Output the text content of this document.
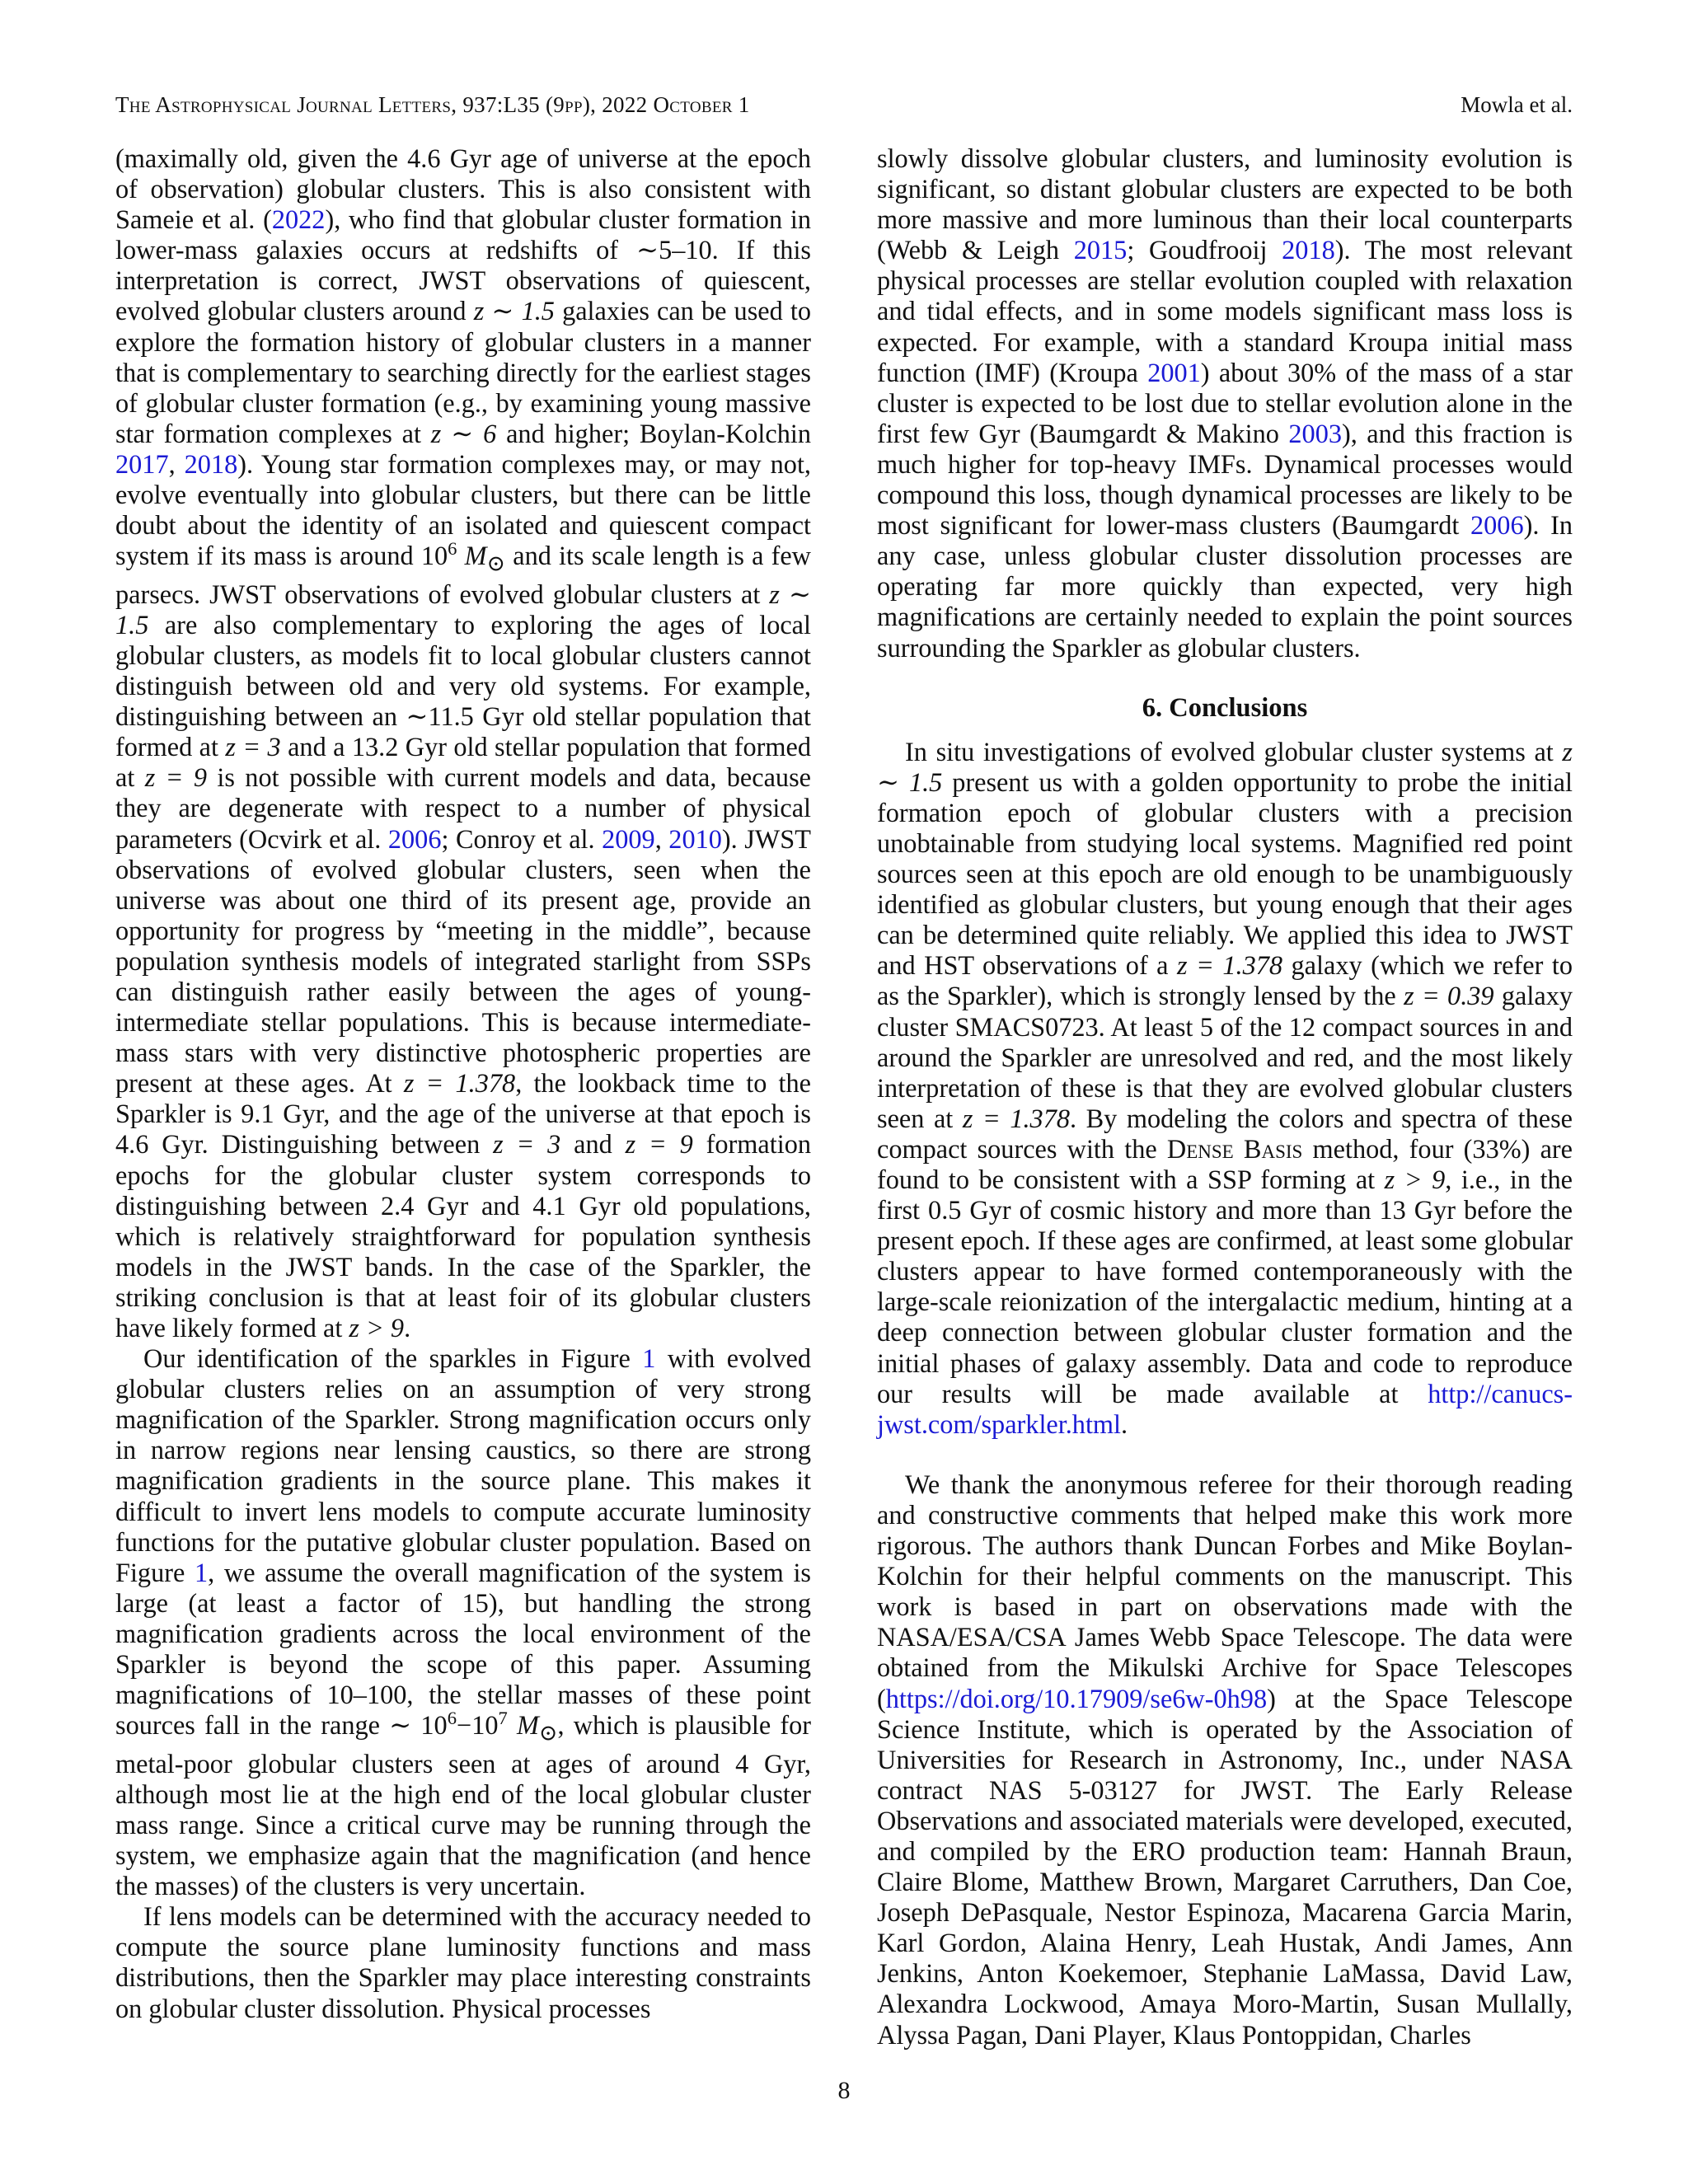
The Astrophysical Journal Letters, 937:L35 (9pp), 2022 October 1	Mowla et al.

(maximally old, given the 4.6 Gyr age of universe at the epoch of observation) globular clusters. This is also consistent with Sameie et al. (2022), who find that globular cluster formation in lower-mass galaxies occurs at redshifts of ∼5–10. If this interpretation is correct, JWST observations of quiescent, evolved globular clusters around z ∼ 1.5 galaxies can be used to explore the formation history of globular clusters in a manner that is complementary to searching directly for the earliest stages of globular cluster formation (e.g., by examining young massive star formation complexes at z ∼ 6 and higher; Boylan-Kolchin 2017, 2018). Young star formation complexes may, or may not, evolve eventually into globular clusters, but there can be little doubt about the identity of an isolated and quiescent compact system if its mass is around $10^6$ $M_⊙$ and its scale length is a few parsecs. JWST observations of evolved globular clusters at z ∼ 1.5 are also complementary to exploring the ages of local globular clusters, as models fit to local globular clusters cannot distinguish between old and very old systems. For example, distinguishing between an ∼11.5 Gyr old stellar population that formed at z = 3 and a 13.2 Gyr old stellar population that formed at z = 9 is not possible with current models and data, because they are degenerate with respect to a number of physical parameters (Ocvirk et al. 2006; Conroy et al. 2009, 2010). JWST observations of evolved globular clusters, seen when the universe was about one third of its present age, provide an opportunity for progress by “meeting in the middle”, because population synthesis models of integrated starlight from SSPs can distinguish rather easily between the ages of young-intermediate stellar populations. This is because intermediate-mass stars with very distinctive photospheric properties are present at these ages. At z = 1.378, the lookback time to the Sparkler is 9.1 Gyr, and the age of the universe at that epoch is 4.6 Gyr. Distinguishing between z = 3 and z = 9 formation epochs for the globular cluster system corresponds to distinguishing between 2.4 Gyr and 4.1 Gyr old populations, which is relatively straightforward for population synthesis models in the JWST bands. In the case of the Sparkler, the striking conclusion is that at least foir of its globular clusters have likely formed at z > 9.

Our identification of the sparkles in Figure 1 with evolved globular clusters relies on an assumption of very strong magnification of the Sparkler. Strong magnification occurs only in narrow regions near lensing caustics, so there are strong magnification gradients in the source plane. This makes it difficult to invert lens models to compute accurate luminosity functions for the putative globular cluster population. Based on Figure 1, we assume the overall magnification of the system is large (at least a factor of 15), but handling the strong magnification gradients across the local environment of the Sparkler is beyond the scope of this paper. Assuming magnifications of 10–100, the stellar masses of these point sources fall in the range ∼ $10^6-10^7$ $M_⊙$, which is plausible for metal-poor globular clusters seen at ages of around 4 Gyr, although most lie at the high end of the local globular cluster mass range. Since a critical curve may be running through the system, we emphasize again that the magnification (and hence the masses) of the clusters is very uncertain.

If lens models can be determined with the accuracy needed to compute the source plane luminosity functions and mass distributions, then the Sparkler may place interesting constraints on globular cluster dissolution. Physical processes

slowly dissolve globular clusters, and luminosity evolution is significant, so distant globular clusters are expected to be both more massive and more luminous than their local counterparts (Webb & Leigh 2015; Goudfrooij 2018). The most relevant physical processes are stellar evolution coupled with relaxation and tidal effects, and in some models significant mass loss is expected. For example, with a standard Kroupa initial mass function (IMF) (Kroupa 2001) about 30% of the mass of a star cluster is expected to be lost due to stellar evolution alone in the first few Gyr (Baumgardt & Makino 2003), and this fraction is much higher for top-heavy IMFs. Dynamical processes would compound this loss, though dynamical processes are likely to be most significant for lower-mass clusters (Baumgardt 2006). In any case, unless globular cluster dissolution processes are operating far more quickly than expected, very high magnifications are certainly needed to explain the point sources surrounding the Sparkler as globular clusters.

6. Conclusions

In situ investigations of evolved globular cluster systems at z ∼ 1.5 present us with a golden opportunity to probe the initial formation epoch of globular clusters with a precision unobtainable from studying local systems. Magnified red point sources seen at this epoch are old enough to be unambiguously identified as globular clusters, but young enough that their ages can be determined quite reliably. We applied this idea to JWST and HST observations of a z = 1.378 galaxy (which we refer to as the Sparkler), which is strongly lensed by the z = 0.39 galaxy cluster SMACS0723. At least 5 of the 12 compact sources in and around the Sparkler are unresolved and red, and the most likely interpretation of these is that they are evolved globular clusters seen at z = 1.378. By modeling the colors and spectra of these compact sources with the Dense Basis method, four (33%) are found to be consistent with a SSP forming at z > 9, i.e., in the first 0.5 Gyr of cosmic history and more than 13 Gyr before the present epoch. If these ages are confirmed, at least some globular clusters appear to have formed contemporaneously with the large-scale reionization of the intergalactic medium, hinting at a deep connection between globular cluster formation and the initial phases of galaxy assembly. Data and code to reproduce our results will be made available at http://canucs-jwst.com/sparkler.html.

We thank the anonymous referee for their thorough reading and constructive comments that helped make this work more rigorous. The authors thank Duncan Forbes and Mike Boylan-Kolchin for their helpful comments on the manuscript. This work is based in part on observations made with the NASA/ESA/CSA James Webb Space Telescope. The data were obtained from the Mikulski Archive for Space Telescopes (https://doi.org/10.17909/se6w-0h98) at the Space Telescope Science Institute, which is operated by the Association of Universities for Research in Astronomy, Inc., under NASA contract NAS 5-03127 for JWST. The Early Release Observations and associated materials were developed, executed, and compiled by the ERO production team: Hannah Braun, Claire Blome, Matthew Brown, Margaret Carruthers, Dan Coe, Joseph DePasquale, Nestor Espinoza, Macarena Garcia Marin, Karl Gordon, Alaina Henry, Leah Hustak, Andi James, Ann Jenkins, Anton Koekemoer, Stephanie LaMassa, David Law, Alexandra Lockwood, Amaya Moro-Martin, Susan Mullally, Alyssa Pagan, Dani Player, Klaus Pontoppidan, Charles

8
